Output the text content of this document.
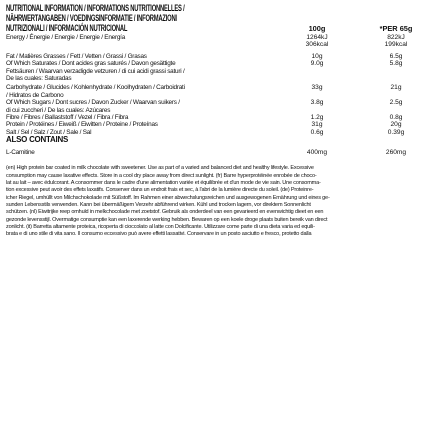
NUTRITIONAL INFORMATION / INFORMATIONS NUTRITIONNELLES /
NÄHRWERTANGABEN / VOEDINGSINFORMATIE / INFORMAZIONI
NUTRIZIONALI / INFORMACIÓN NUTRICIONAL	100g	*PER 65g
Energy / Énergie / Energie / Energie / Energía	1264kJ	822kJ
306kcal	199kcal
Fat / Matières Grasses / Fett / Vetten / Grassi / Grasas	10g	6.5g
Of Which Saturates / Dont acides gras saturés / Davon gesättigte	9.0g	5.8g
Fettsäuren / Waarvan verzadigde vetzuren / di cui acidi grassi saturi /
De las cuales: Saturadas
Carbohydrate / Glucides / Kohlenhydrate / Koolhydraten / Carboidrati	33g	21g
/ Hidratos de Carbono
Of Which Sugars / Dont sucres / Davon Zucker / Waarvan suikers /	3.8g	2.5g
di cui zuccheri / De las cuales: Azúcares
Fibre / Fibres / Ballaststoff / Vezel / Fibra / Fibra	1.2g	0.8g
Protein / Protéines / Eiweiß / Eiwitten / Proteine / Proteínas	31g	20g
Salt / Sel / Salz / Zout / Sale / Sal	0.6g	0.39g
ALSO CONTAINS
L-Carnitine	400mg	260mg
(en) High protein bar coated in milk chocolate with sweetener. Use as part of a varied and balanced diet and healthy lifestyle. Excessiveconsumption may cause laxative effects. Store in a cool dry place away from direct sunlight. (fr) Barre hyperprotéinée enrobée de choco-lat au lait – avec édulcorant. A consommer dans le cadre d'une alimentation variée et équilibrée et d'un mode de vie sain. Une consomma-tion excessive peut avoir des effets laxatifs. Conserver dans un endroit frais et sec, à l'abri de la lumière directe du soleil. (de) Proteinre-icher Riegel, umhüllt von Milchschokolade mit Süßstoff. Im Rahmen einer abwechslungsreichen und ausgewogenen Ernährung und eines ge-sunden Lebensstils verwenden. Kann bei übermäßigem Verzehr abführend wirken. Kühl und trocken lagern, vor direktem Sonnenlichtschützen. (nl) Eiwitrijke reep omhuld in melkchocolade met zoetstof. Gebruik als onderdeel van een gevarieerd en evenwichtig dieet en eengezonde levensstijl. Overmatige consumptie kan een laxerende werking hebben. Bewaren op een koele droge plaats buiten bereik van directzonlicht. (it) Barretta altamente proteica, ricoperta di cioccolato al latte con Dolcificante. Utilizzare come parte di una dieta varia ed equili-brata e di uno stile di vita sano. Il consumo eccessivo può avere effetti lassativi. Conservare in un posto asciutto e fresco, protetto dalla
